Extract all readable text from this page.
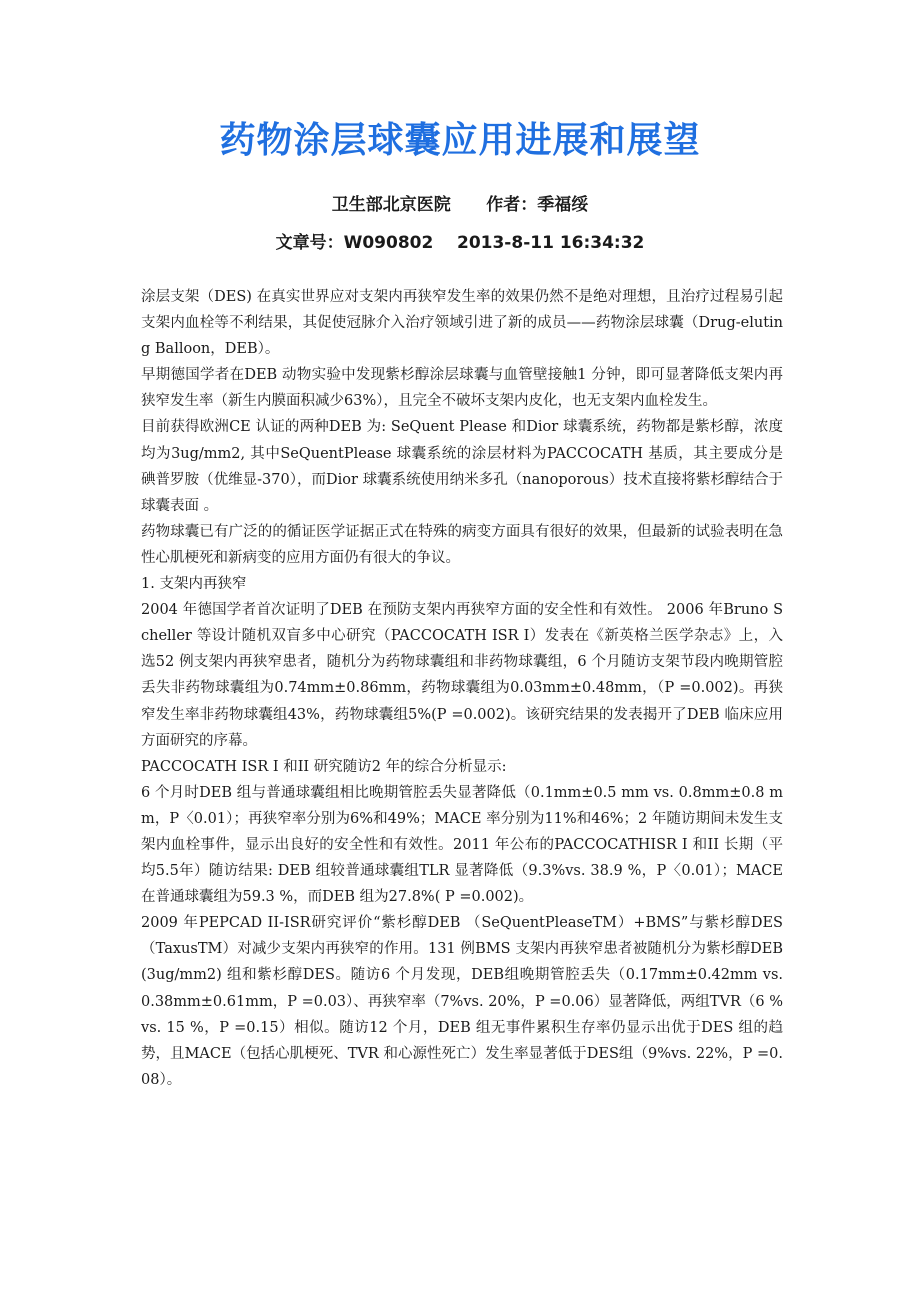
药物涂层球囊应用进展和展望
卫生部北京医院      作者：季福绥
文章号：W090802    2013-8-11 16:34:32

涂层支架（DES) 在真实世界应对支架内再狭窄发生率的效果仍然不是绝对理想，且治疗过程易引起支架内血栓等不利结果，其促使冠脉介入治疗领域引进了新的成员——药物涂层球囊（Drug-eluting Balloon，DEB）。

早期德国学者在DEB 动物实验中发现紫杉醇涂层球囊与血管壁接触1 分钟，即可显著降低支架内再狭窄发生率（新生内膜面积减少63%），且完全不破坏支架内皮化，也无支架内血栓发生。

目前获得欧洲CE 认证的两种DEB 为: SeQuent Please 和Dior 球囊系统，药物都是紫杉醇，浓度均为3ug/mm2, 其中SeQuentPlease 球囊系统的涂层材料为PACCOCATH 基质，其主要成分是碘普罗胺（优维显-370），而Dior 球囊系统使用纳米多孔（nanoporous）技术直接将紫杉醇结合于球囊表面 。

药物球囊已有广泛的的循证医学证据正式在特殊的病变方面具有很好的效果，但最新的试验表明在急性心肌梗死和新病变的应用方面仍有很大的争议。

1. 支架内再狭窄

2004 年德国学者首次证明了DEB 在预防支架内再狭窄方面的安全性和有效性。 2006 年Bruno Scheller 等设计随机双盲多中心研究（PACCOCATH ISR I）发表在《新英格兰医学杂志》上，入选52 例支架内再狭窄患者，随机分为药物球囊组和非药物球囊组，6 个月随访支架节段内晚期管腔丢失非药物球囊组为0.74mm±0.86mm，药物球囊组为0.03mm±0.48mm，（P =0.002)。再狭窄发生率非药物球囊组43%，药物球囊组5%(P =0.002)。该研究结果的发表揭开了DEB 临床应用方面研究的序幕。

PACCOCATH ISR I 和II 研究随访2 年的综合分析显示:

6 个月时DEB 组与普通球囊组相比晚期管腔丢失显著降低（0.1mm±0.5 mm vs. 0.8mm±0.8 mm，P〈0.01）；再狭窄率分别为6%和49%；MACE 率分别为11%和46%；2 年随访期间未发生支架内血栓事件，显示出良好的安全性和有效性。2011 年公布的PACCOCATHISR I 和II 长期（平均5.5年）随访结果: DEB 组较普通球囊组TLR 显著降低（9.3%vs. 38.9 %，P〈0.01）；MACE 在普通球囊组为59.3 %，而DEB 组为27.8%( P =0.002)。

2009 年PEPCAD II-ISR研究评价“紫杉醇DEB （SeQuentPleaseTM）+BMS”与紫杉醇DES（TaxusTM）对减少支架内再狭窄的作用。131 例BMS 支架内再狭窄患者被随机分为紫杉醇DEB (3ug/mm2) 组和紫杉醇DES。随访6 个月发现，DEB组晚期管腔丢失（0.17mm±0.42mm vs. 0.38mm±0.61mm，P =0.03）、再狭窄率（7%vs. 20%，P =0.06）显著降低，两组TVR（6 %vs. 15 %，P =0.15）相似。随访12 个月，DEB 组无事件累积生存率仍显示出优于DES 组的趋势，且MACE（包括心肌梗死、TVR 和心源性死亡）发生率显著低于DES组（9%vs. 22%，P =0.08）。
